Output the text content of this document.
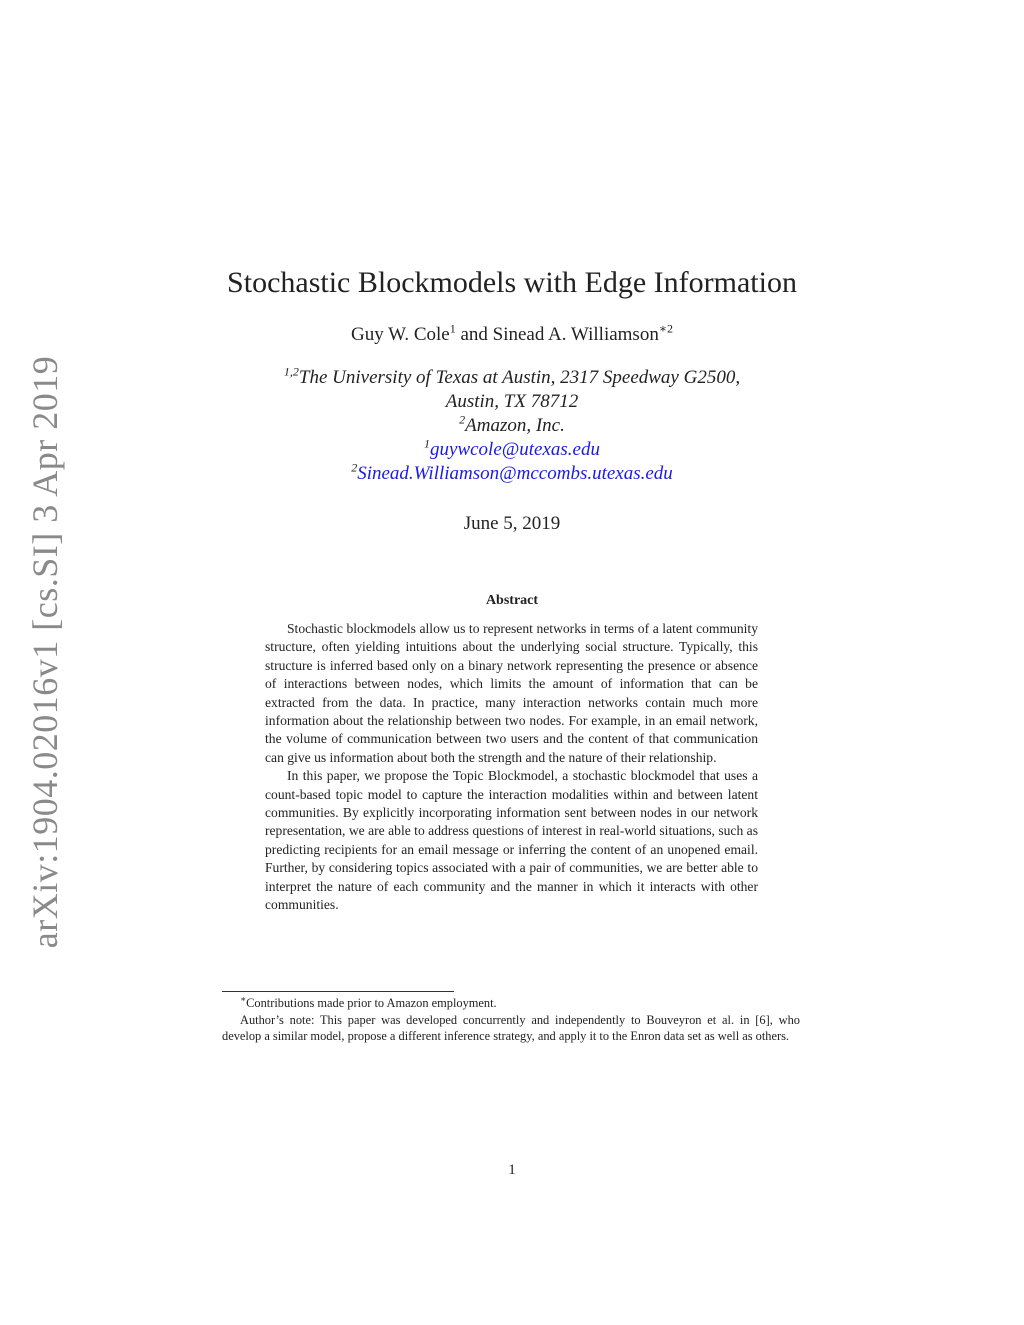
arXiv:1904.02016v1 [cs.SI] 3 Apr 2019
Stochastic Blockmodels with Edge Information
Guy W. Cole$^1$ and Sinead A. Williamson$^{∗2}$
$^{1,2}$The University of Texas at Austin, 2317 Speedway G2500,
Austin, TX 78712
$^2$Amazon, Inc.
$^1$guywcole@utexas.edu
$^2$Sinead.Williamson@mccombs.utexas.edu
June 5, 2019
Abstract

Stochastic blockmodels allow us to represent networks in terms of a latent community structure, often yielding intuitions about the underlying social structure. Typically, this structure is inferred based only on a binary network representing the presence or absence of interactions between nodes, which limits the amount of information that can be extracted from the data. In practice, many interaction networks contain much more information about the relationship between two nodes. For example, in an email network, the volume of communication between two users and the content of that communication can give us information about both the strength and the nature of their relationship.

In this paper, we propose the Topic Blockmodel, a stochastic blockmodel that uses a count-based topic model to capture the interaction modalities within and between latent communities. By explicitly incorporating information sent between nodes in our network representation, we are able to address questions of interest in real-world situations, such as predicting recipients for an email message or inferring the content of an unopened email. Further, by considering topics associated with a pair of communities, we are better able to interpret the nature of each community and the manner in which it interacts with other communities.

∗Contributions made prior to Amazon employment.

Author’s note: This paper was developed concurrently and independently to Bouveyron et al. in [6], who develop a similar model, propose a different inference strategy, and apply it to the Enron data set as well as others.

1
